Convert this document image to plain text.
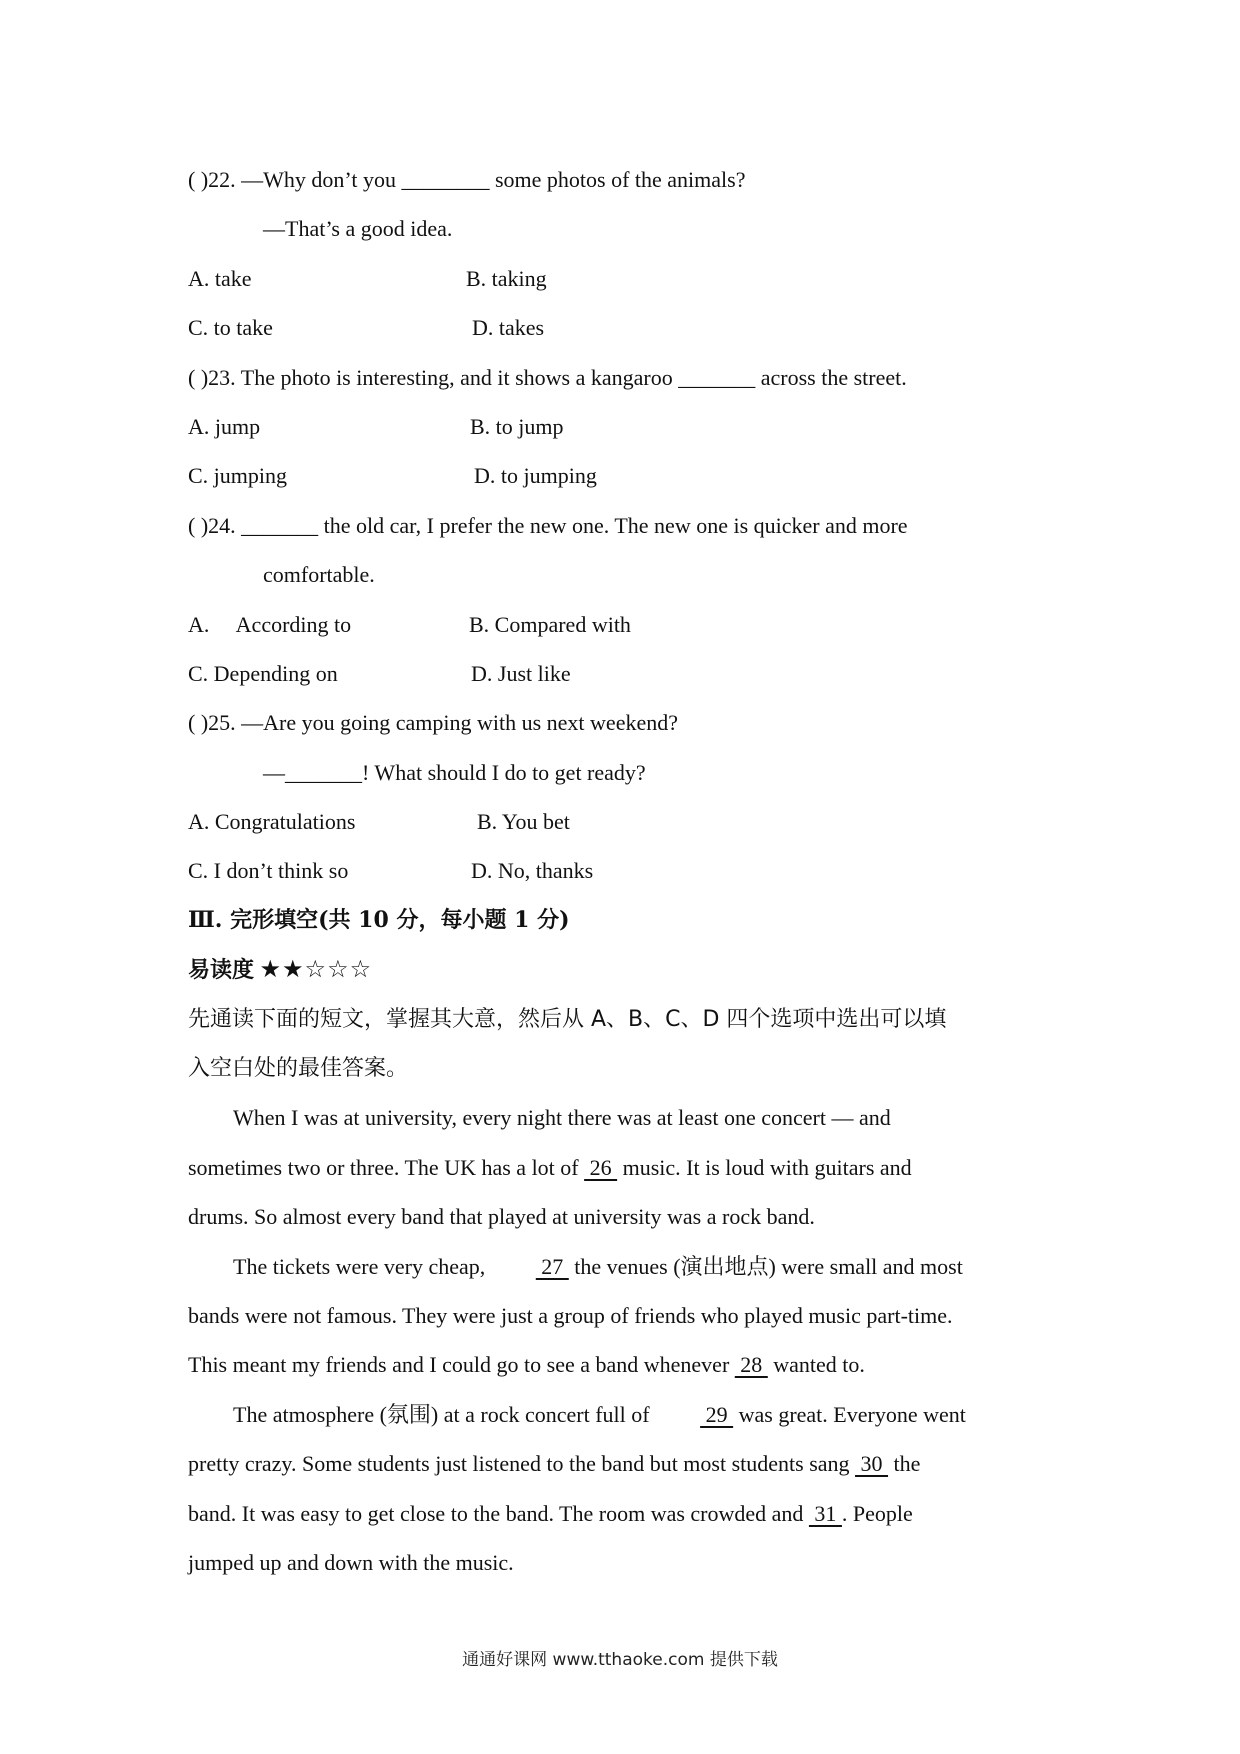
( )22. —Why don’t you ________ some photos of the animals?
—That’s a good idea.
A. take	B. taking
C. to take	D. takes
( )23. The photo is interesting, and it shows a kangaroo _______ across the street.
A. jump	B. to jump
C. jumping	D. to jumping
( )24. _______ the old car, I prefer the new one. The new one is quicker and more
comfortable.
A.     According to	B. Compared with
C. Depending on	D. Just like
( )25. —Are you going camping with us next weekend?
—_______! What should I do to get ready?
A. Congratulations	B. You bet
C. I don’t think so	D. No, thanks
Ⅲ. 完形填空(共 10 分，每小题 1 分)
易读度 ★★☆☆☆
先通读下面的短文，掌握其大意，然后从 A、B、C、D 四个选项中选出可以填
入空白处的最佳答案。
When I was at university, every night there was at least one concert — and
sometimes two or three. The UK has a lot of  26  music. It is loud with guitars and
drums. So almost every band that played at university was a rock band.
The tickets were very cheap,  27  the venues (演出地点) were small and most
bands were not famous. They were just a group of friends who played music part-time.
This meant my friends and I could go to see a band whenever  28  wanted to.
The atmosphere (氛围) at a rock concert full of  29  was great. Everyone went
pretty crazy. Some students just listened to the band but most students sang  30  the
band. It was easy to get close to the band. The room was crowded and  31 . People
jumped up and down with the music.
通通好课网 www.tthaoke.com 提供下载
